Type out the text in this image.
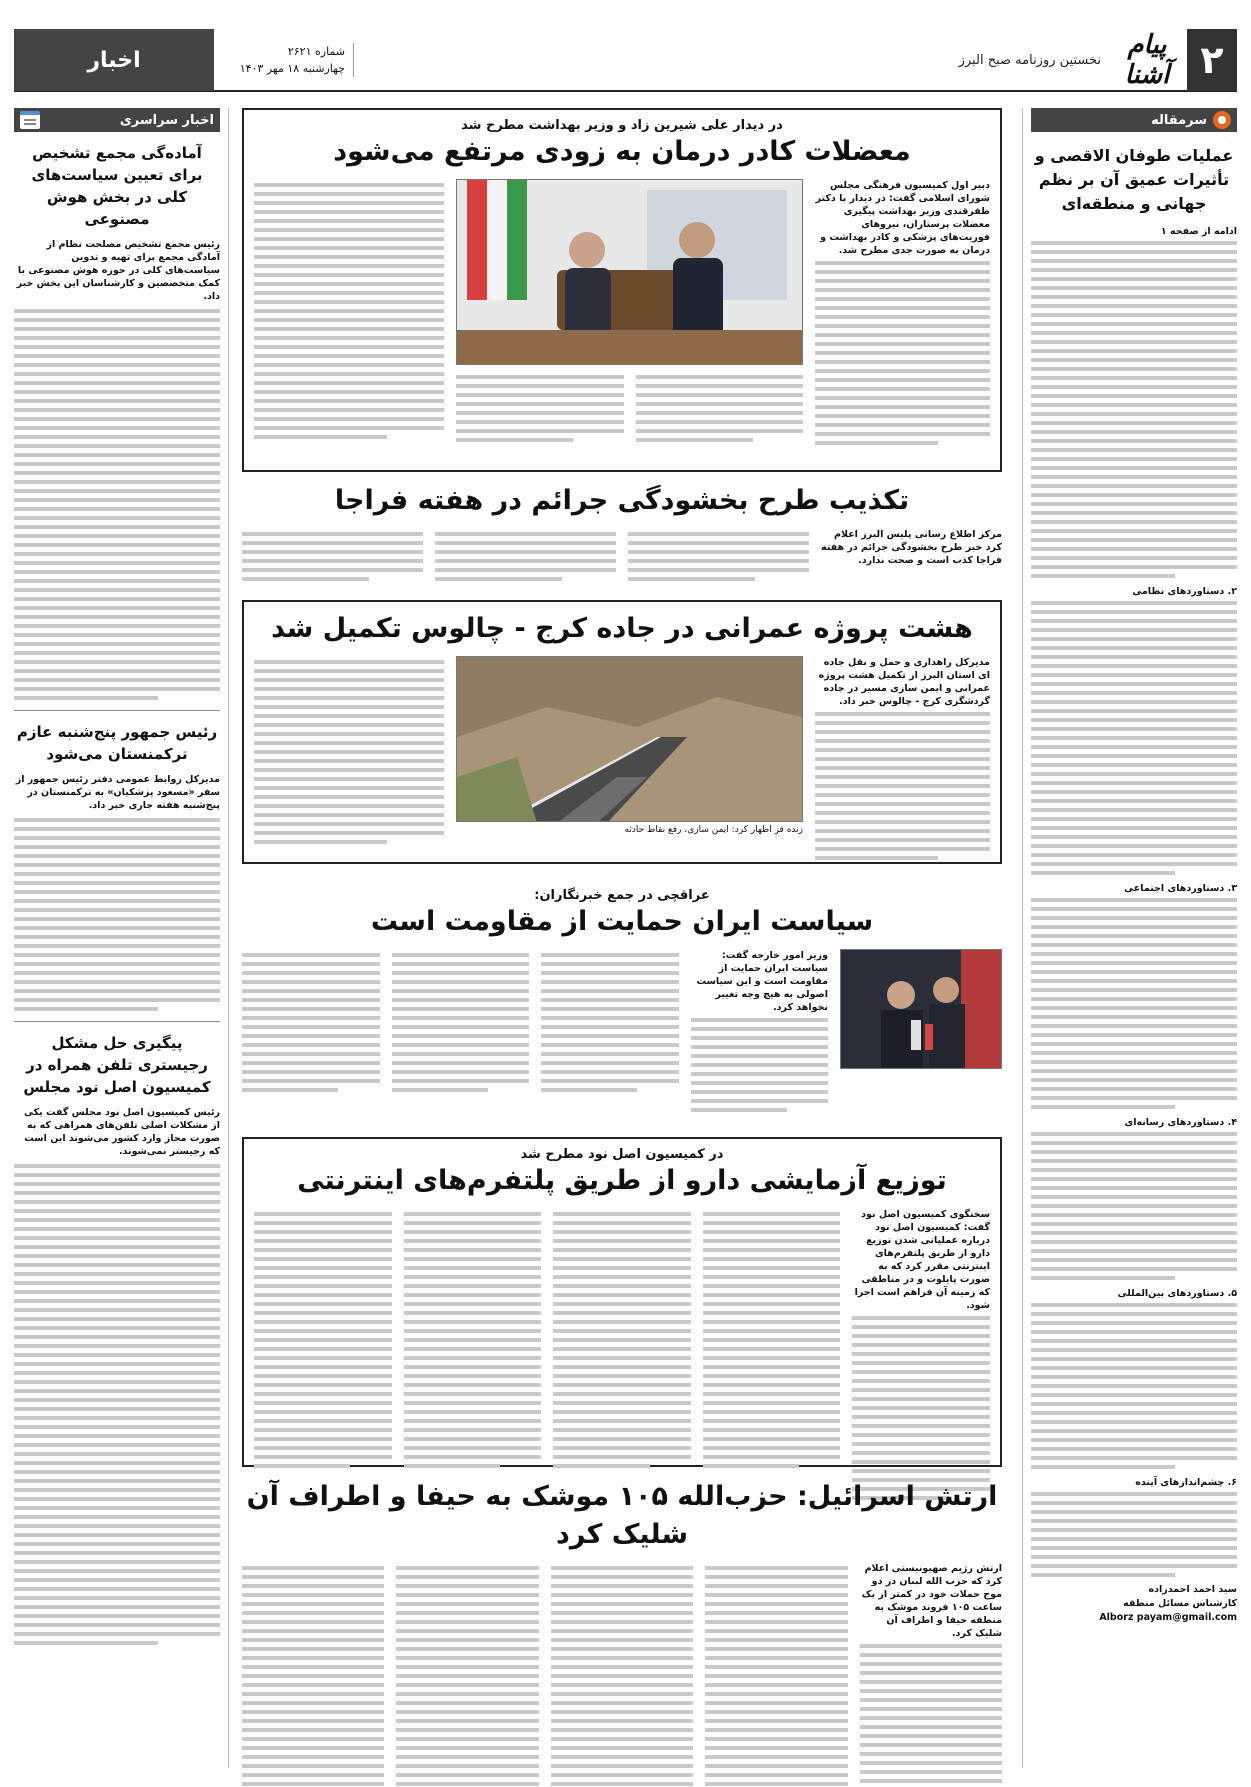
۲
پیام آشنا
نخستین روزنامه صبح البرز
شماره ۲۶۲۱
چهارشنبه ۱۸ مهر ۱۴۰۳
اخبار
سرمقاله
عملیات طوفان الاقصی و تأثیرات عمیق آن بر نظم جهانی و منطقه‌ای
ادامه از صفحه ۱
۲. دستاوردهای نظامی
۳. دستاوردهای اجتماعی
۴. دستاوردهای رسانه‌ای
۵. دستاوردهای بین‌المللی
۶. چشم‌اندازهای آینده
سید احمد احمدزاده
کارشناس مسائل منطقه
Alborz payam@gmail.com
اخبار سراسری
آماده‌گی مجمع تشخیص برای تعیین سیاست‌های کلی در بخش هوش مصنوعی
رئیس مجمع تشخیص مصلحت نظام از آمادگی مجمع برای تهیه و تدوین سیاست‌های کلی در حوزه هوش مصنوعی با کمک متخصصین و کارشناسان این بخش خبر داد.
رئیس جمهور پنج‌شنبه عازم ترکمنستان می‌شود
مدیرکل روابط عمومی دفتر رئیس جمهور از سفر «مسعود پزشکیان» به ترکمنستان در پنج‌شنبه هفته جاری خبر داد.
پیگیری حل مشکل رجیستری تلفن همراه در کمیسیون اصل نود مجلس
رئیس کمیسیون اصل نود مجلس گفت یکی از مشکلات اصلی تلفن‌های همراهی که به صورت مجاز وارد کشور می‌شوند این است که رجیستر نمی‌شوند.
در دیدار علی شیرین زاد و وزیر بهداشت مطرح شد
معضلات کادر درمان به زودی مرتفع می‌شود
دبیر اول کمیسیون فرهنگی مجلس شورای اسلامی گفت: در دیدار با دکتر ظفرقندی وزیر بهداشت پیگیری معضلات پرستاران، نیروهای فوریت‌های پزشکی و کادر بهداشت و درمان به صورت جدی مطرح شد.
تکذیب طرح بخشودگی جرائم در هفته فراجا
مرکز اطلاع رسانی پلیس البرز اعلام کرد خبر طرح بخشودگی جرائم در هفته فراجا کذب است و صحت ندارد.
هشت پروژه عمرانی در جاده کرج - چالوس تکمیل شد
مدیرکل راهداری و حمل و نقل جاده ای استان البرز از تکمیل هشت پروژه عمرانی و ایمن سازی مسیر در جاده گردشگری کرج - چالوس خبر داد.
زنده فر اظهار کرد: ایمن سازی، رفع نقاط حادثه
عراقچی در جمع خبرنگاران:
سیاست ایران حمایت از مقاومت است
وزیر امور خارجه گفت: سیاست ایران حمایت از مقاومت است و این سیاست اصولی به هیچ وجه تغییر نخواهد کرد.
در کمیسیون اصل نود مطرح شد
توزیع آزمایشی دارو از طریق پلتفرم‌های اینترنتی
سخنگوی کمیسیون اصل نود گفت: کمیسیون اصل نود درباره عملیاتی شدن توزیع دارو از طریق پلتفرم‌های اینترنتی مقرر کرد که به صورت پایلوت و در مناطقی که زمینه آن فراهم است اجرا شود.
ارتش اسرائیل: حزب‌الله ۱۰۵ موشک به حیفا و اطراف آن شلیک کرد
ارتش رژیم صهیونیستی اعلام کرد که حزب الله لبنان در دو موج حملات خود در کمتر از یک ساعت ۱۰۵ فروند موشک به منطقه حیفا و اطراف آن شلیک کرد.
